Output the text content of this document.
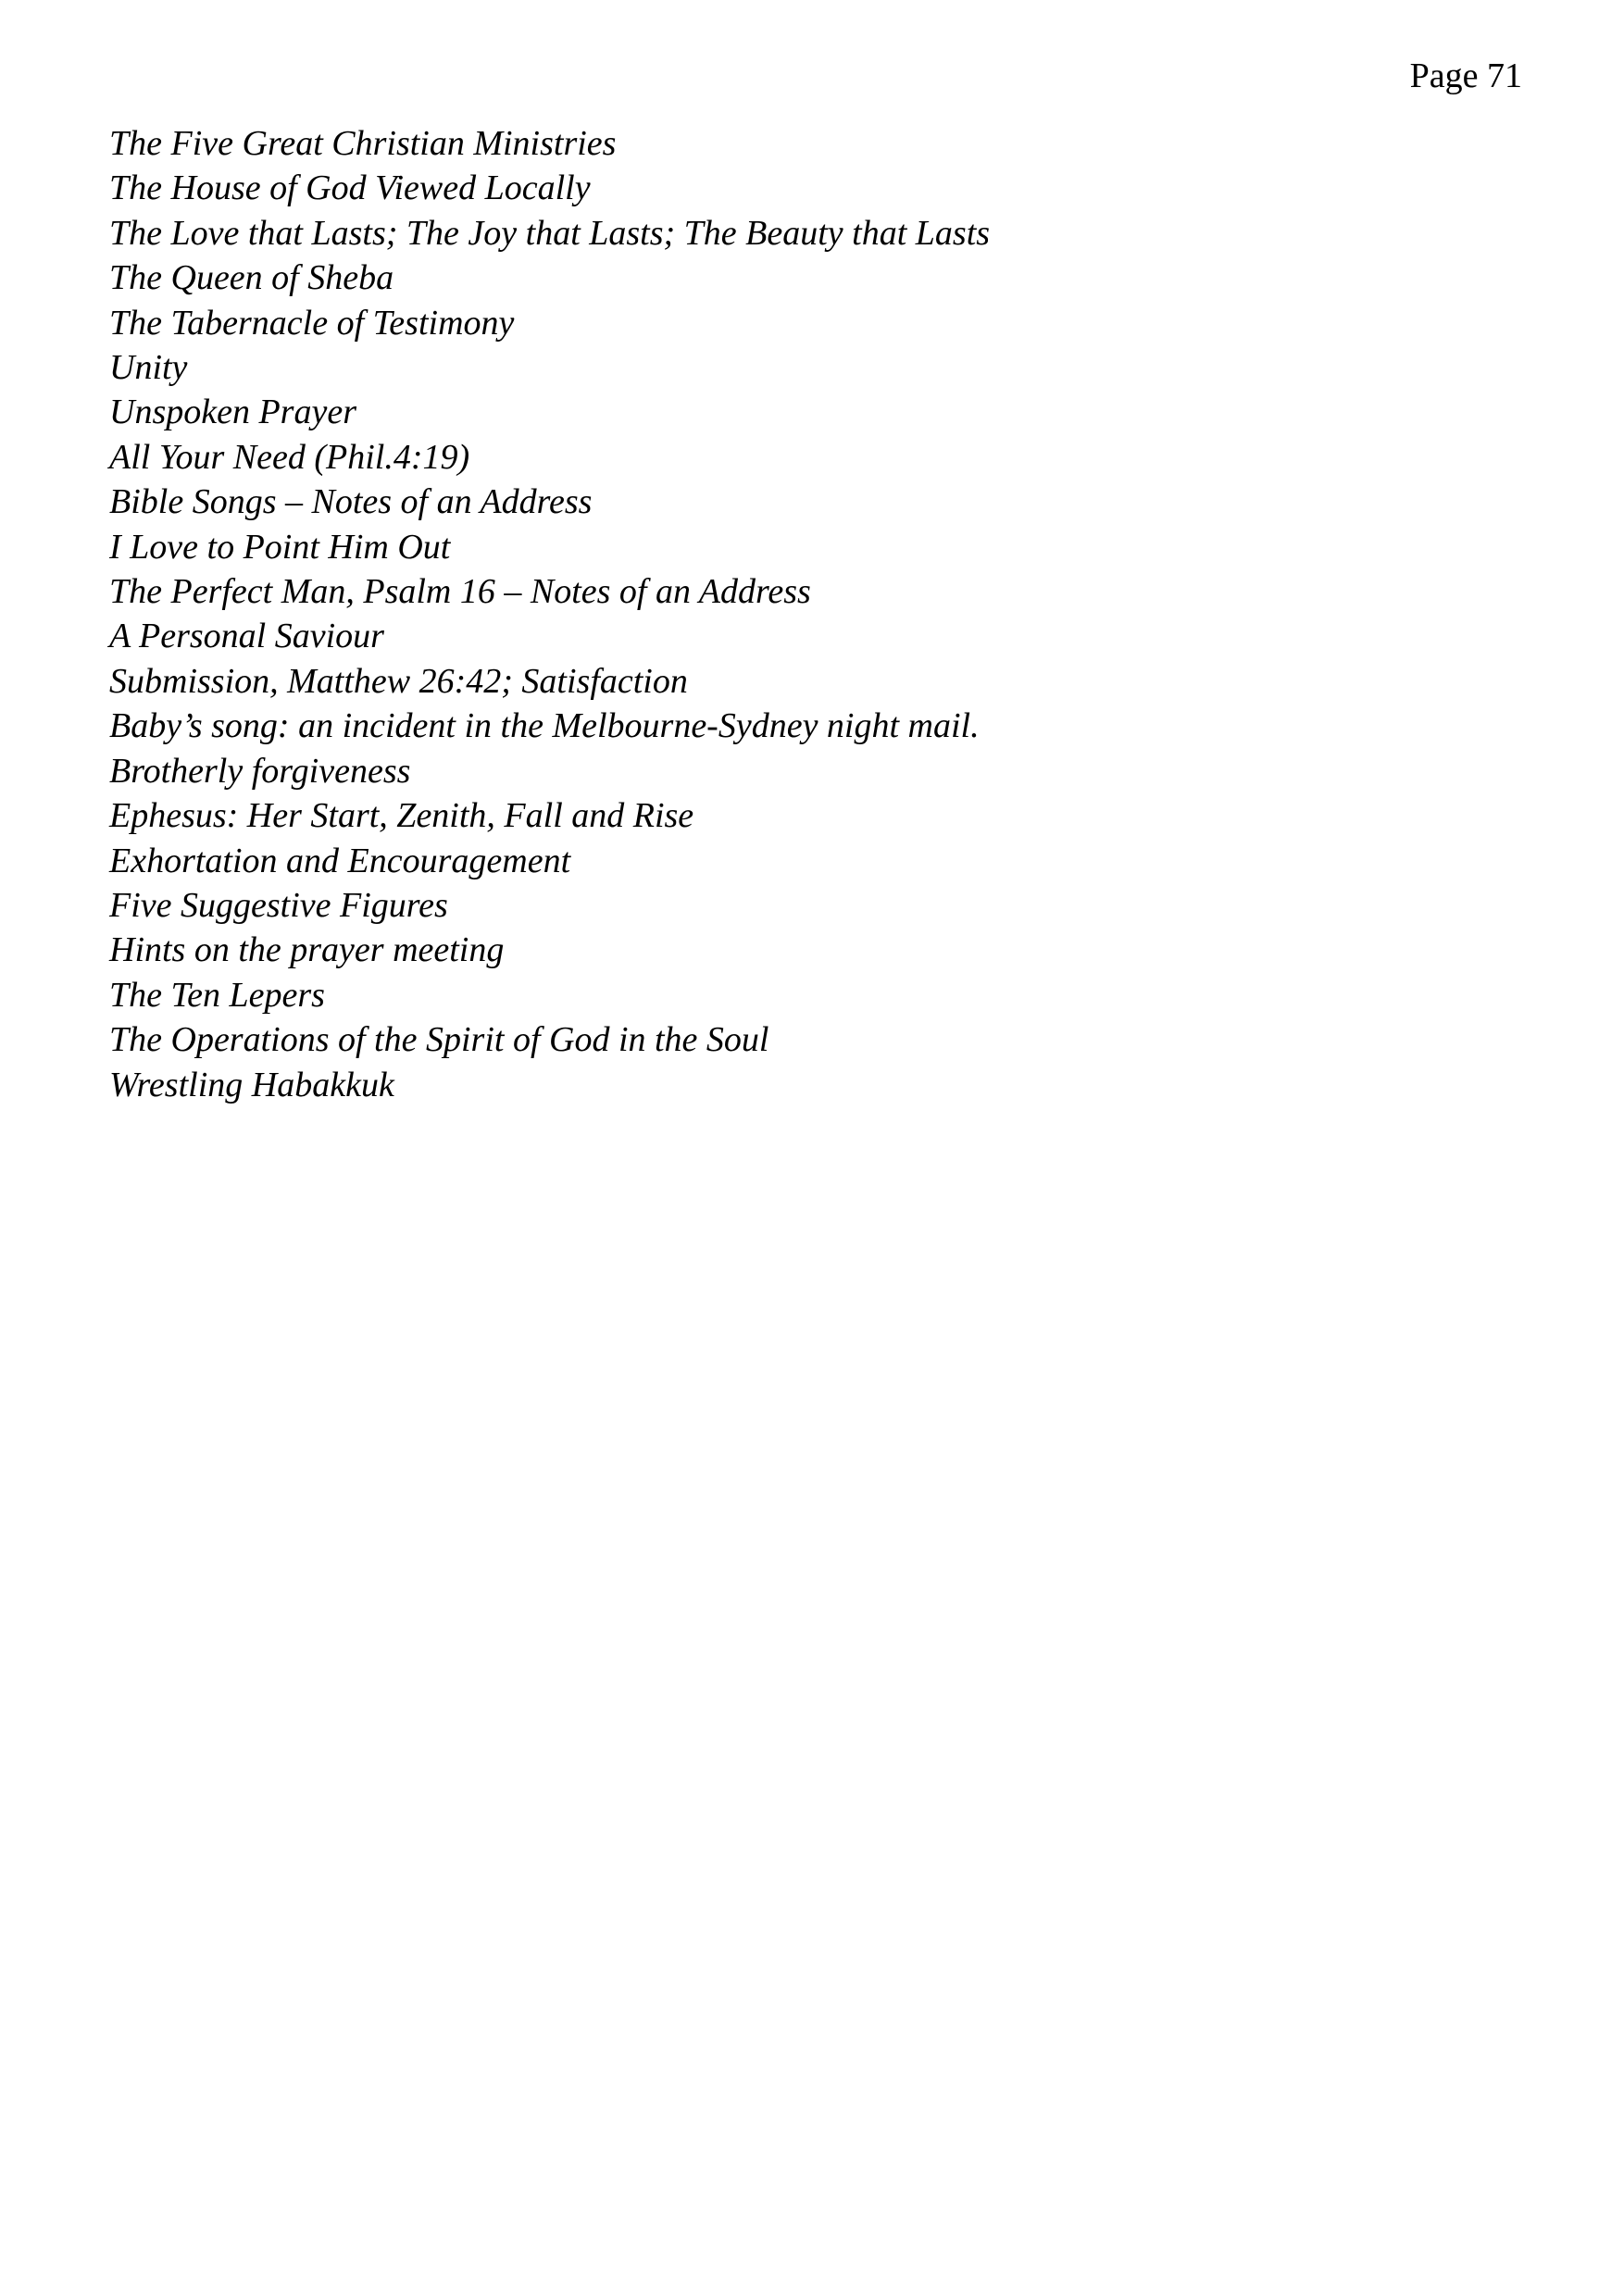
Page 71
The Five Great Christian Ministries
The House of God Viewed Locally
The Love that Lasts; The Joy that Lasts; The Beauty that Lasts
The Queen of Sheba
The Tabernacle of Testimony
Unity
Unspoken Prayer
All Your Need (Phil.4:19)
Bible Songs – Notes of an Address
I Love to Point Him Out
The Perfect Man, Psalm 16 – Notes of an Address
A Personal Saviour
Submission, Matthew 26:42; Satisfaction
Baby’s song: an incident in the Melbourne-Sydney night mail.
Brotherly forgiveness
Ephesus: Her Start, Zenith, Fall and Rise
Exhortation and Encouragement
Five Suggestive Figures
Hints on the prayer meeting
The Ten Lepers
The Operations of the Spirit of God in the Soul
Wrestling Habakkuk
